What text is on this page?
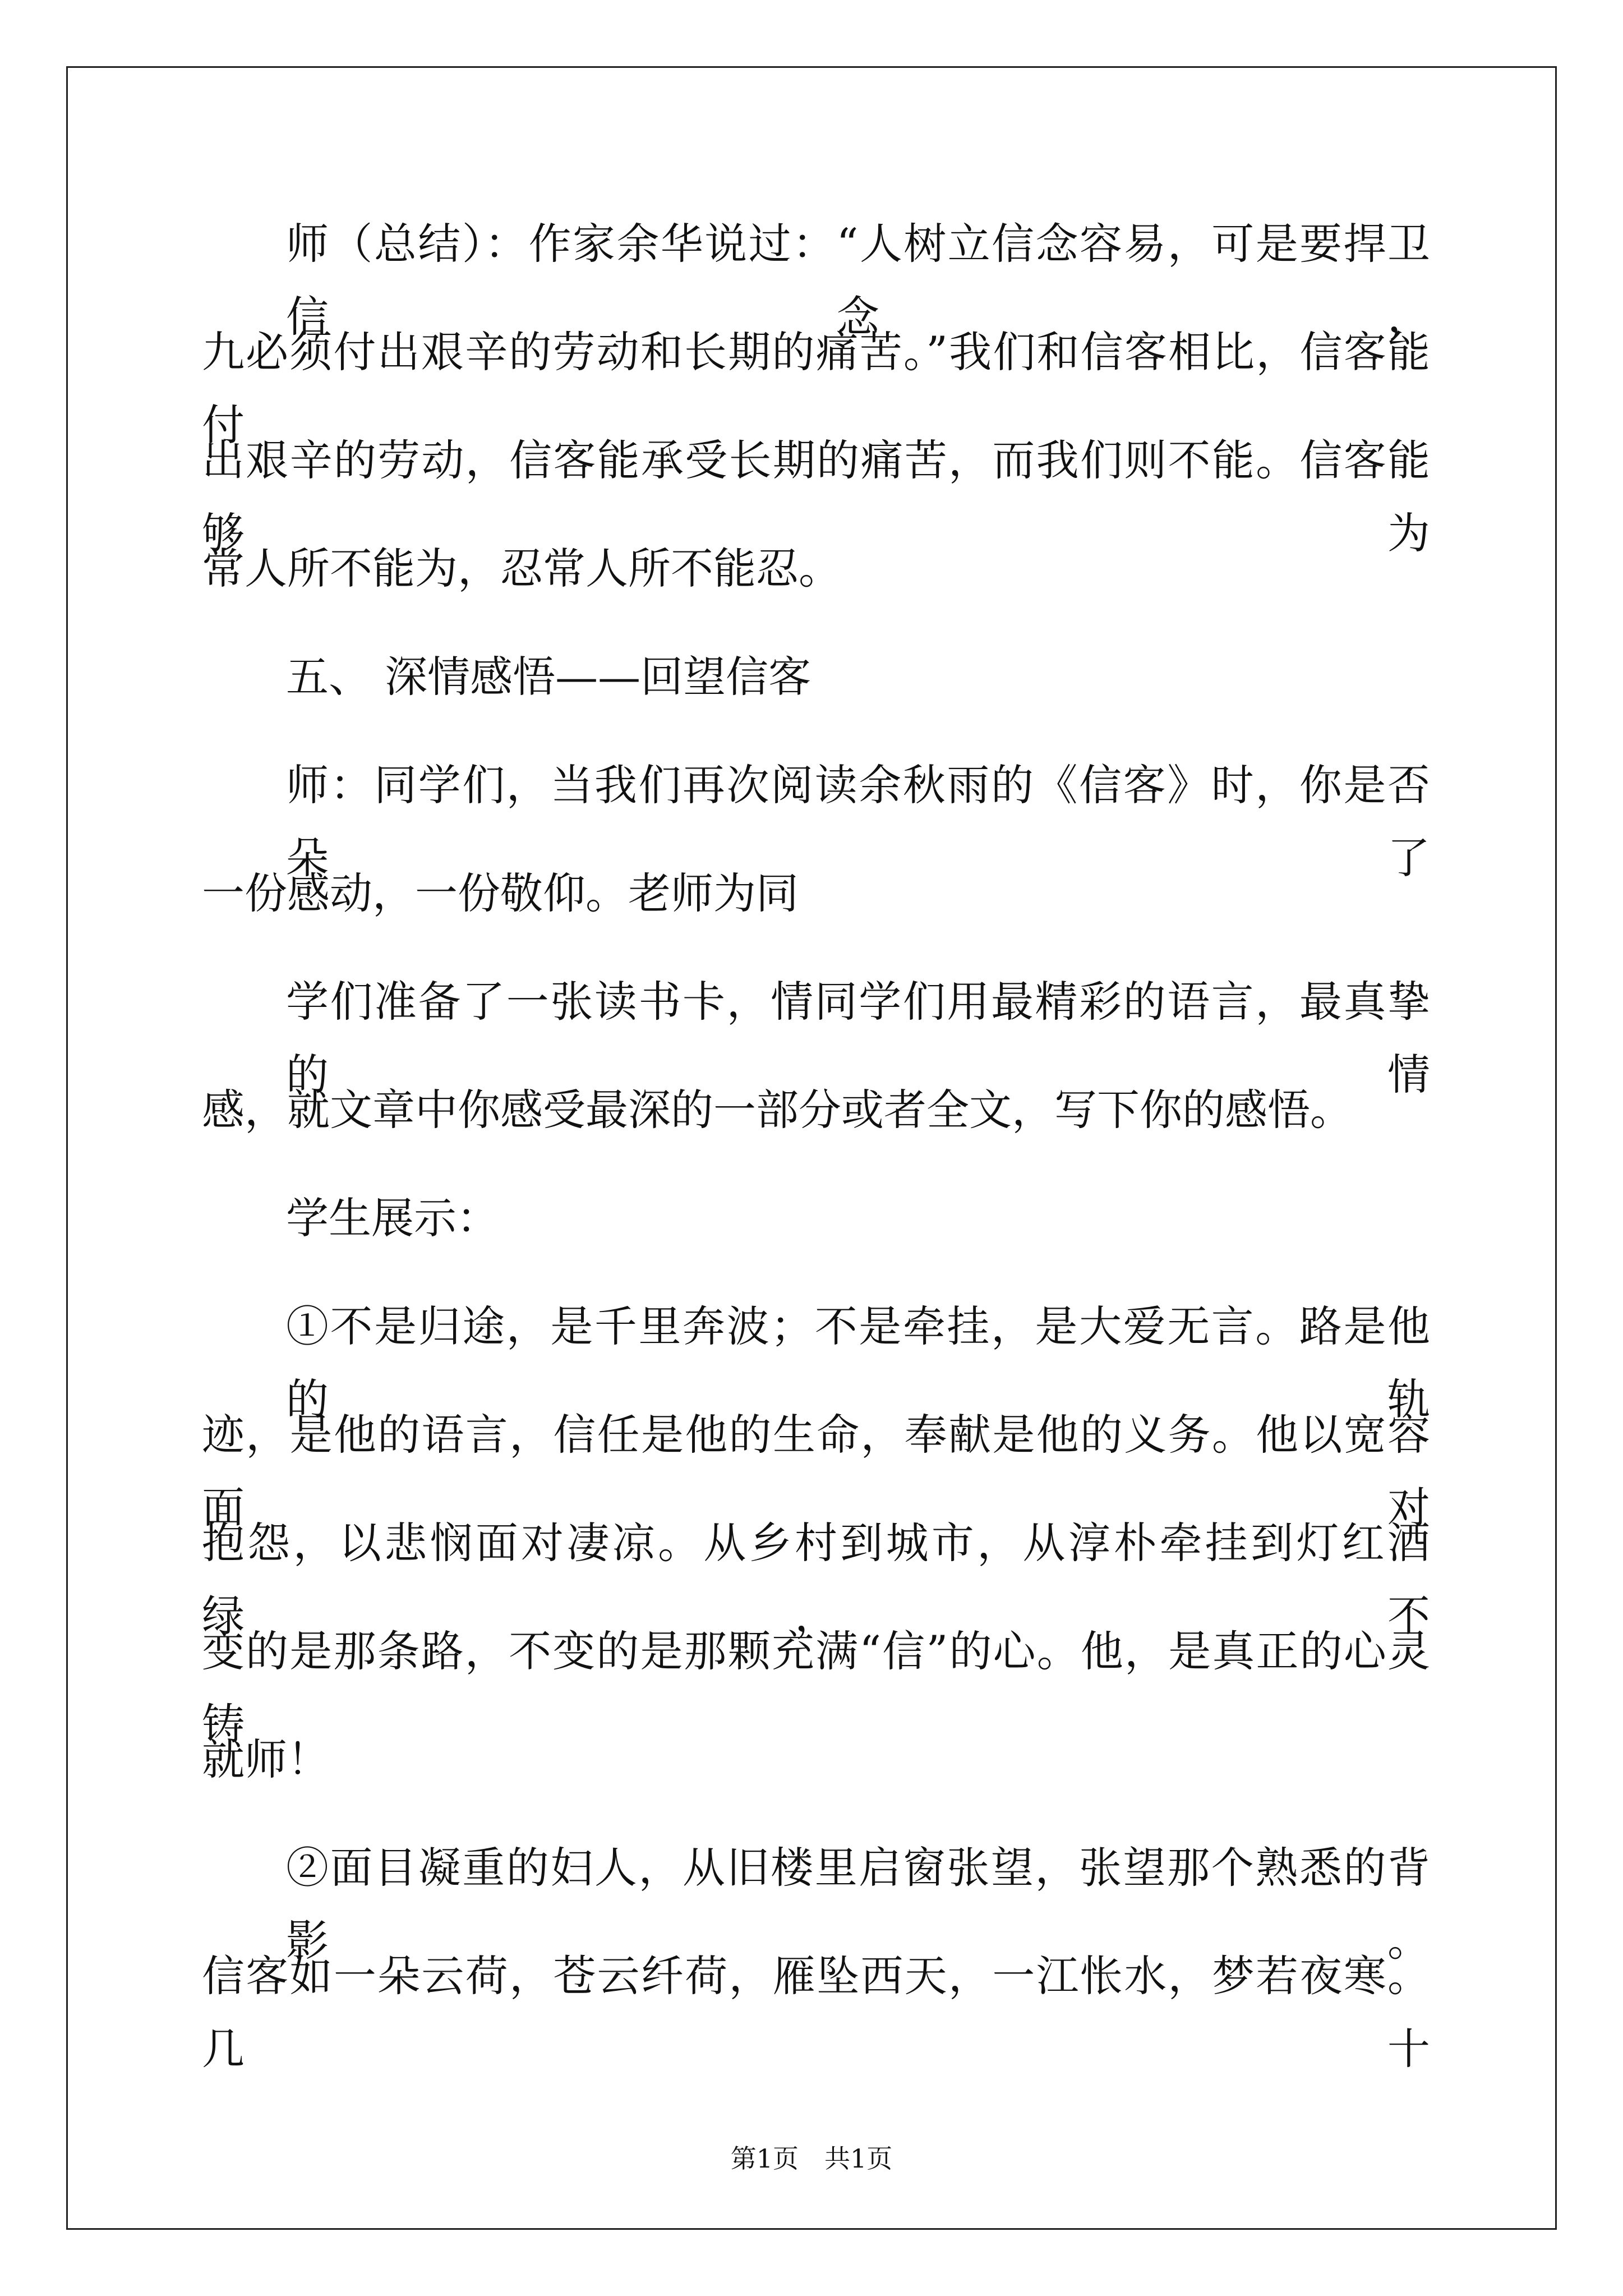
师（总结）：作家余华说过：“人树立信念容易，可是要捍卫信念，
九必须付出艰辛的劳动和长期的痛苦。”我们和信客相比，信客能付
出艰辛的劳动，信客能承受长期的痛苦，而我们则不能。信客能够为
常人所不能为，忍常人所不能忍。
五、 深情感悟——回望信客
师：同学们，当我们再次阅读余秋雨的《信客》时，你是否朵了
一份感动，一份敬仰。老师为同
学们准备了一张读书卡，情同学们用最精彩的语言，最真挚的情
感，就文章中你感受最深的一部分或者全文，写下你的感悟。
学生展示：
①不是归途，是千里奔波；不是牵挂，是大爱无言。路是他的轨
迹，是他的语言，信任是他的生命，奉献是他的义务。他以宽容面对
抱怨，以悲悯面对凄凉。从乡村到城市，从淳朴牵挂到灯红酒绿，不
变的是那条路，不变的是那颗充满“信”的心。他，是真正的心灵铸
就师！
②面目凝重的妇人，从旧楼里启窗张望，张望那个熟悉的背影。
信客如一朵云荷，苍云纤荷，雁坠西天，一江怅水，梦若夜寒。几十
第1页　共1页
